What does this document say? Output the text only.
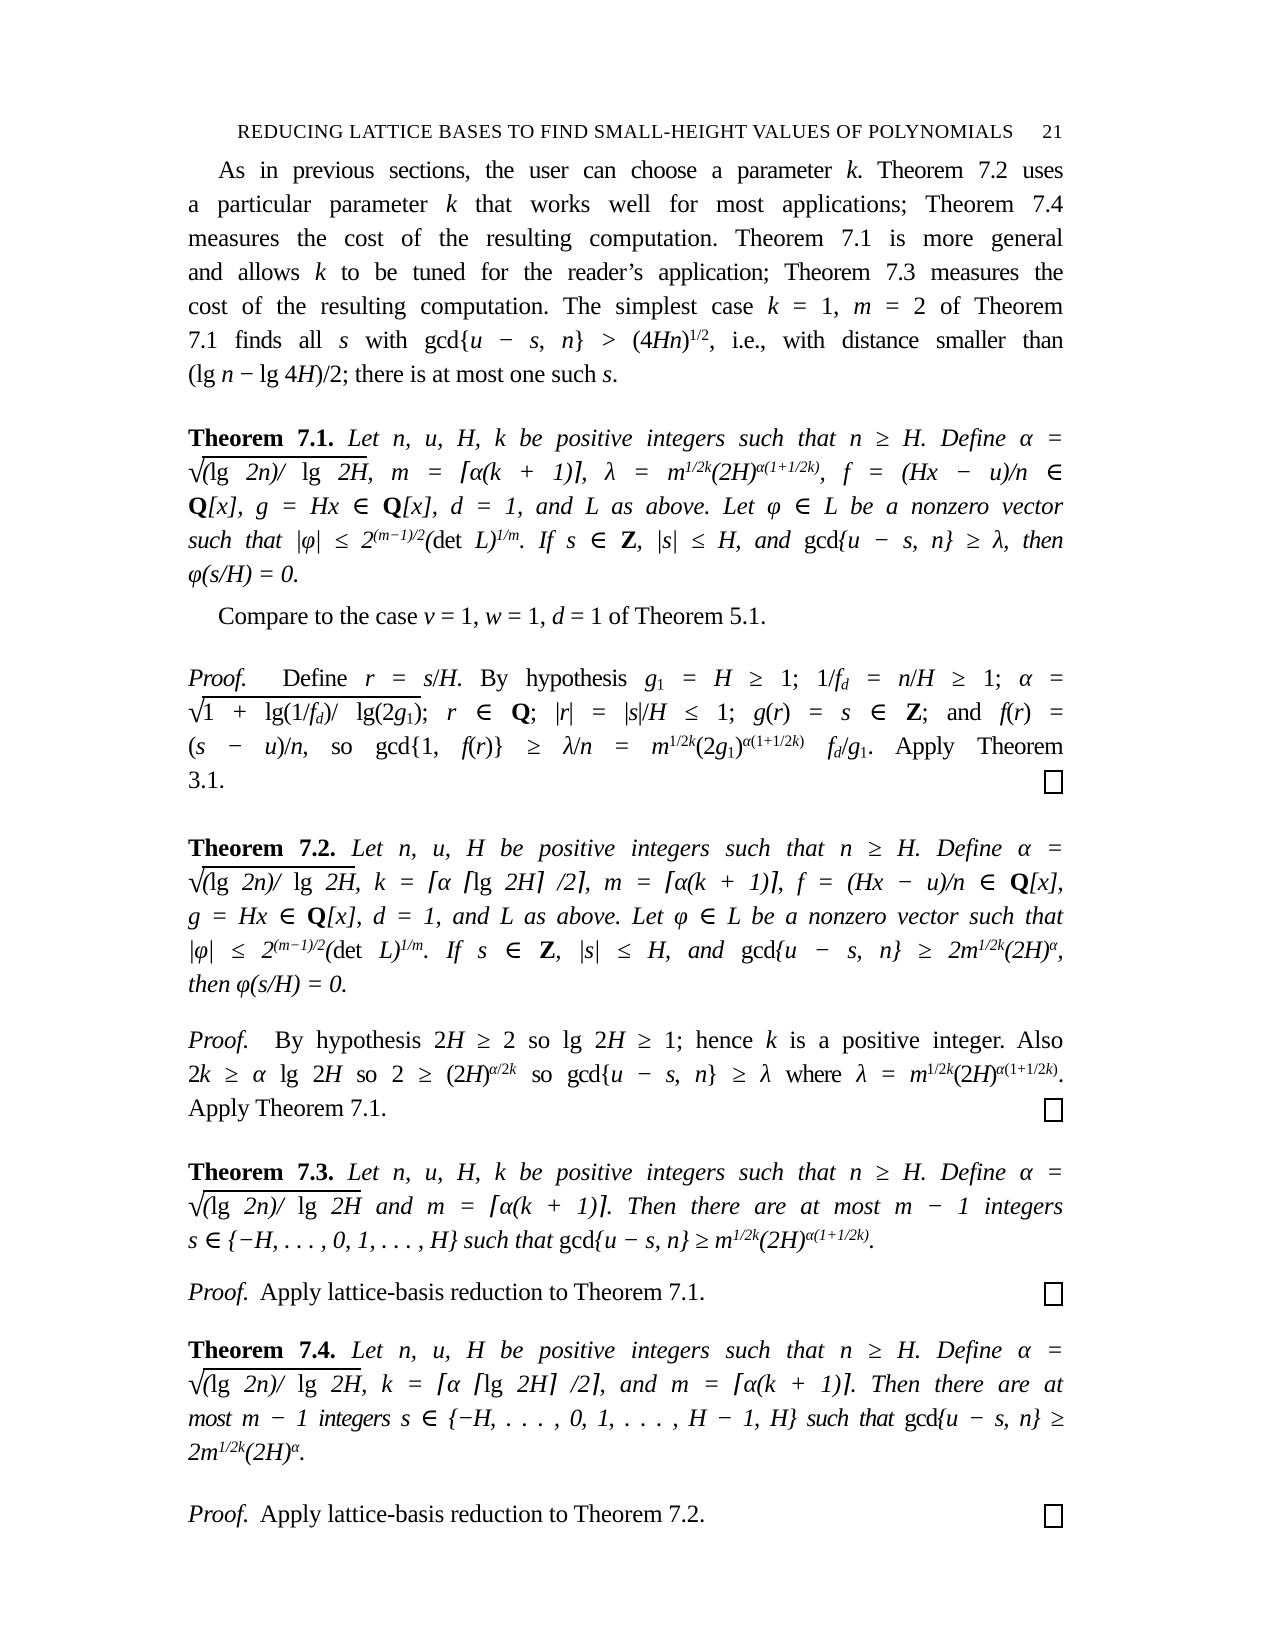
REDUCING LATTICE BASES TO FIND SMALL-HEIGHT VALUES OF POLYNOMIALS 21
As in previous sections, the user can choose a parameter k. Theorem 7.2 uses
a particular parameter k that works well for most applications; Theorem 7.4
measures the cost of the resulting computation. Theorem 7.1 is more general
and allows k to be tuned for the reader’s application; Theorem 7.3 measures the
cost of the resulting computation. The simplest case k = 1, m = 2 of Theorem
7.1 finds all s with gcd{u − s, $n\} > (4Hn)^{1/2}$, i.e., with distance smaller than
(lg n − lg 4H)/2; there is at most one such s.
Theorem 7.1. Let n, u, H, k be positive integers such that n ≥ H. Define α =
√(lg 2n)/ lg 2H, m = ⌈α(k + 1)⌉, $\lambda = m^{1/2k}(2H)^{\alpha(1+1/2k)}$, f = (Hx − u)/n ∈
Q[x], g = Hx ∈ Q[x], d = 1, and L as above. Let φ ∈ L be a nonzero vector
such that $|\varphi| \le 2^{(m-1)/2}(\det$ L)$^{1/m}$. If s ∈ Z, |s| ≤ H, and gcd{u − s, n} ≥ λ, then
φ(s/H) = 0.
Compare to the case v = 1, w = 1, d = 1 of Theorem 5.1.
Proof.  Define r = s/H. By hypothesis $g_1 = H \ge 1$; $1/f_d = n/H \ge 1$; α =
$√1 + \lg(1/f_d)/$ $\lg(2g_1)$; r ∈ Q; |r| = |s|/H ≤ 1; g(r) = s ∈ Z; and f(r) =
(s − u)/n, so gcd{1, $f(r)\} \ge \lambda/n = m^{1/2k}(2g_1)^{\alpha(1+1/2k)}$ $f_d/g_1$. Apply Theorem
3.1.
Theorem 7.2. Let n, u, H be positive integers such that n ≥ H. Define α =
√(lg 2n)/ lg 2H, k = ⌈α ⌈lg 2H⌉ /2⌉, m = ⌈α(k + 1)⌉, f = (Hx − u)/n ∈ Q[x],
g = Hx ∈ Q[x], d = 1, and L as above. Let φ ∈ L be a nonzero vector such that
$|\varphi| \le 2^{(m-1)/2}(\det$ L)$^{1/m}$. If s ∈ Z, |s| ≤ H, and gcd{u − s, $n\} \ge 2m^{1/2k}(2H)^\alpha$,
then φ(s/H) = 0.
Proof.  By hypothesis 2H ≥ 2 so lg 2H ≥ 1; hence k is a positive integer. Also
2k ≥ α lg 2H so $2 \ge (2H)^{\alpha/2k}$ so gcd{u − s, n} ≥ λ where $\lambda = m^{1/2k}(2H)^{\alpha(1+1/2k)}$.
Apply Theorem 7.1.
Theorem 7.3. Let n, u, H, k be positive integers such that n ≥ H. Define α =
√(lg 2n)/ lg 2H and m = ⌈α(k + 1)⌉. Then there are at most m − 1 integers
s ∈ {−H, . . . , 0, 1, . . . , H} such that gcd{u − s, $n\} \ge m^{1/2k}(2H)^{\alpha(1+1/2k)}$.
Proof.  Apply lattice-basis reduction to Theorem 7.1.
Theorem 7.4. Let n, u, H be positive integers such that n ≥ H. Define α =
√(lg 2n)/ lg 2H, k = ⌈α ⌈lg 2H⌉ /2⌉, and m = ⌈α(k + 1)⌉. Then there are at
most m − 1 integers s ∈ {−H, . . . , 0, 1, . . . , H − 1, H} such that gcd{u − s, n} ≥
$2m^{1/2k}(2H)^\alpha$.
Proof.  Apply lattice-basis reduction to Theorem 7.2.
